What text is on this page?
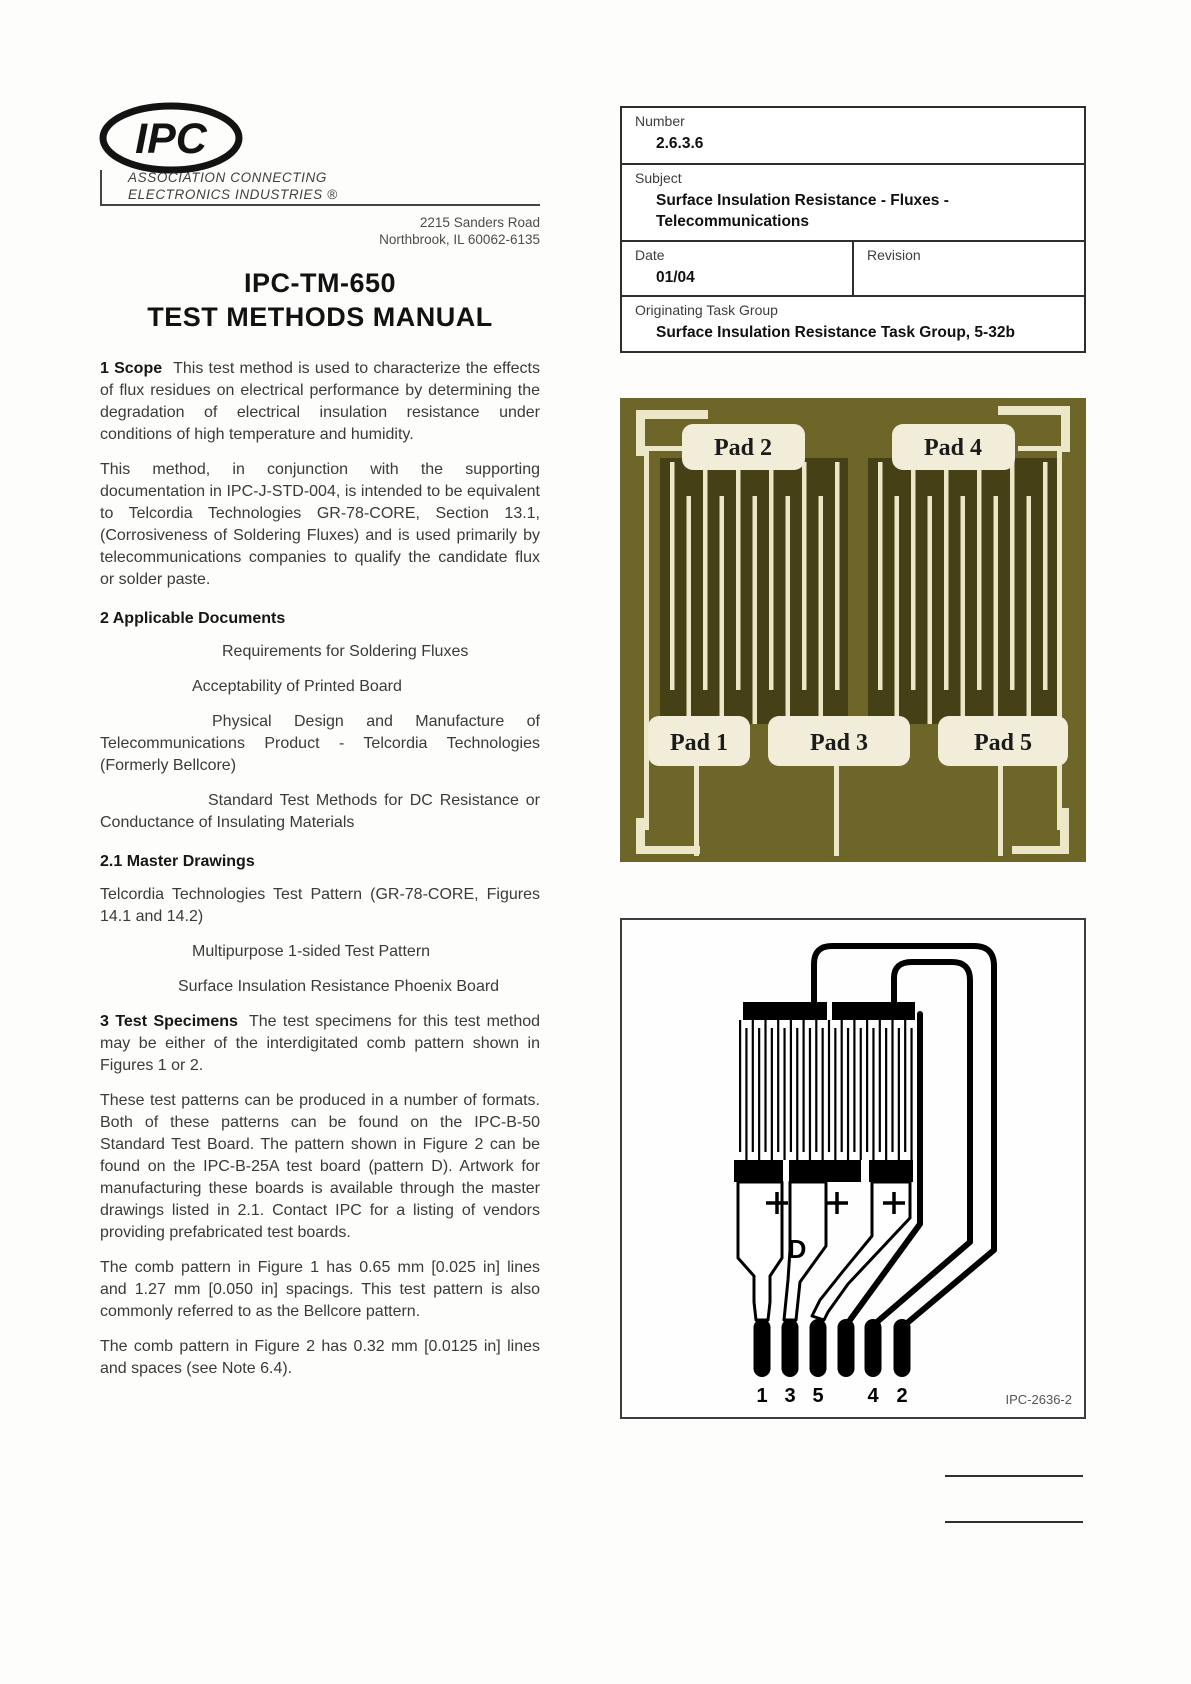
IPC
ASSOCIATION CONNECTING
ELECTRONICS INDUSTRIES ®
2215 Sanders Road
Northbrook, IL 60062-6135
IPC-TM-650
TEST METHODS MANUAL
Number
2.6.3.6
Subject
Surface Insulation Resistance - Fluxes - Telecommunications
Date
01/04
Revision
Originating Task Group
Surface Insulation Resistance Task Group, 5-32b

1 Scope This test method is used to characterize the effects of flux residues on electrical performance by determining the degradation of electrical insulation resistance under conditions of high temperature and humidity.

This method, in conjunction with the supporting documentation in IPC-J-STD-004, is intended to be equivalent to Telcordia Technologies GR-78-CORE, Section 13.1, (Corrosiveness of Soldering Fluxes) and is used primarily by telecommunications companies to qualify the candidate flux or solder paste.

2 Applicable Documents

Requirements for Soldering Fluxes

Acceptability of Printed Board

Physical Design and Manufacture of Telecommunications Product - Telcordia Technologies (Formerly Bellcore)

Standard Test Methods for DC Resistance or Conductance of Insulating Materials

2.1 Master Drawings

Telcordia Technologies Test Pattern (GR-78-CORE, Figures 14.1 and 14.2)

Multipurpose 1-sided Test Pattern

Surface Insulation Resistance Phoenix Board

3 Test Specimens The test specimens for this test method may be either of the interdigitated comb pattern shown in Figures 1 or 2.

These test patterns can be produced in a number of formats. Both of these patterns can be found on the IPC-B-50 Standard Test Board. The pattern shown in Figure 2 can be found on the IPC-B-25A test board (pattern D). Artwork for manufacturing these boards is available through the master drawings listed in 2.1. Contact IPC for a listing of vendors providing prefabricated test boards.

The comb pattern in Figure 1 has 0.65 mm [0.025 in] lines and 1.27 mm [0.050 in] spacings. This test pattern is also commonly referred to as the Bellcore pattern.

The comb pattern in Figure 2 has 0.32 mm [0.0125 in] lines and spaces (see Note 6.4).

Pad 2	Pad 4
Pad 1	Pad 3	Pad 5
D
1 3 5 4 2	IPC-2636-2
